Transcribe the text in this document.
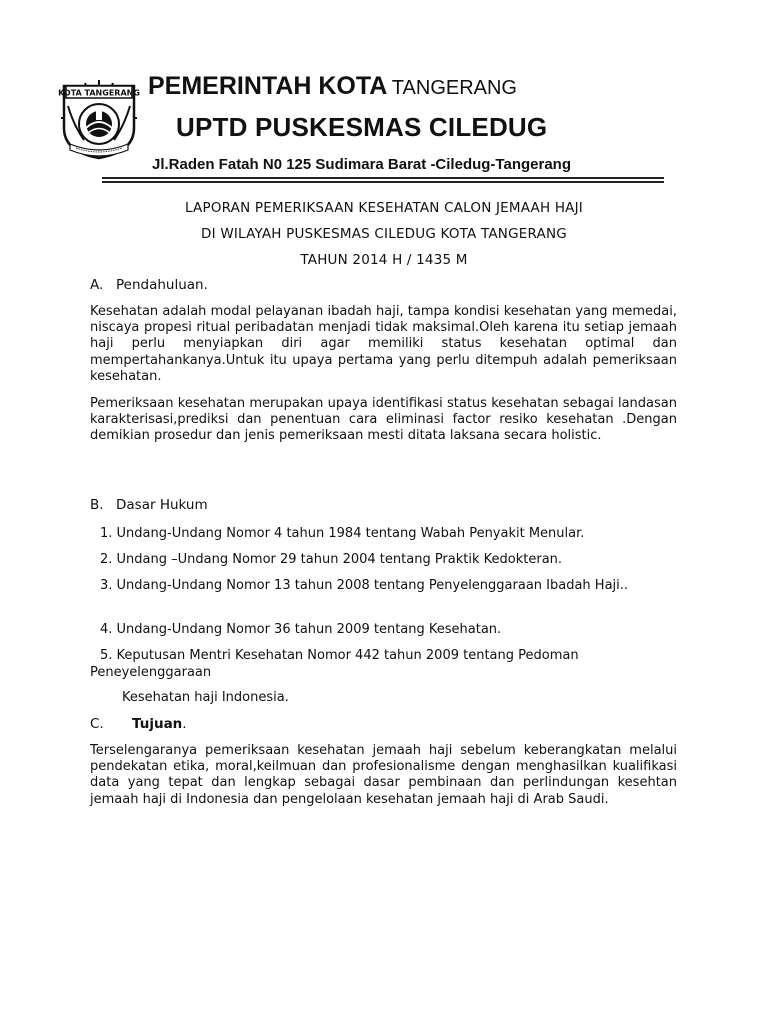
KOTA TANGERANG PEMERINTAH KOTA TANGERANG
UPTD PUSKESMAS CILEDUG
Jl.Raden Fatah N0 125 Sudimara Barat -Ciledug-Tangerang
LAPORAN PEMERIKSAAN KESEHATAN CALON JEMAAH HAJI
DI WILAYAH PUSKESMAS CILEDUG KOTA TANGERANG
TAHUN 2014 H / 1435 M
A. Pendahuluan.
Kesehatan adalah modal pelayanan ibadah haji, tampa kondisi kesehatan yang memedai, niscaya propesi ritual peribadatan menjadi tidak maksimal.Oleh karena itu setiap jemaah haji perlu menyiapkan diri agar memiliki status kesehatan optimal dan mempertahankanya.Untuk itu upaya pertama yang perlu ditempuh adalah pemeriksaan kesehatan.
Pemeriksaan kesehatan merupakan upaya identifikasi status kesehatan sebagai landasan karakterisasi,prediksi dan penentuan cara eliminasi factor resiko kesehatan .Dengan demikian prosedur dan jenis pemeriksaan mesti ditata laksana secara holistic.
B. Dasar Hukum
1. Undang-Undang Nomor 4 tahun 1984 tentang Wabah Penyakit Menular.
2. Undang –Undang Nomor 29 tahun 2004 tentang Praktik Kedokteran.
3. Undang-Undang Nomor 13 tahun 2008 tentang Penyelenggaraan Ibadah Haji..
4. Undang-Undang Nomor 36 tahun 2009 tentang Kesehatan.
5. Keputusan Mentri Kesehatan Nomor 442 tahun 2009 tentang Pedoman Peneyelenggaraan
Kesehatan haji Indonesia.
C. Tujuan.
Terselengaranya pemeriksaan kesehatan jemaah haji sebelum keberangkatan melalui pendekatan etika, moral,keilmuan dan profesionalisme dengan menghasilkan kualifikasi data yang tepat dan lengkap sebagai dasar pembinaan dan perlindungan kesehtan jemaah haji di Indonesia dan pengelolaan kesehatan jemaah haji di Arab Saudi.
